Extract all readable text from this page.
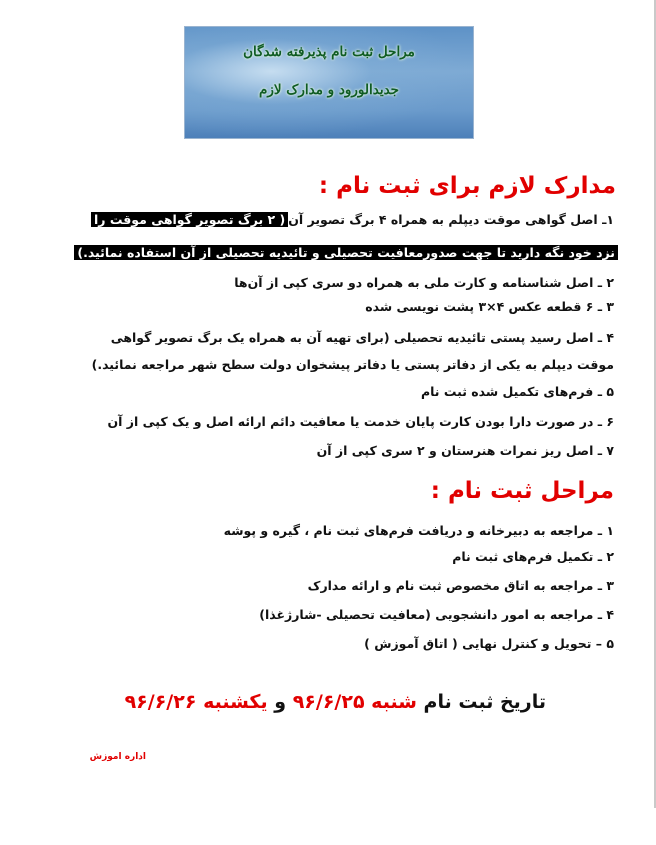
مراحل ثبت نام پذیرفته شدگان
جدیدالورود و مدارک لازم
مدارک لازم برای ثبت نام :
۱ـ اصل گواهی موقت دیپلم به همراه ۴ برگ تصویر آن( ۲ برگ تصویر گواهی موقت را
نزد خود نگه دارید تا جهت صدورمعافیت تحصیلی و تائیدیه تحصیلی از آن استفاده نمائید.)
۲ ـ اصل شناسنامه و کارت ملی به همراه دو سری کپی از آن‌ها
۳ ـ ۶ قطعه عکس ۴×۳ پشت نویسی شده
۴ ـ اصل رسید پستی تائیدیه تحصیلی (برای تهیه آن به همراه یک برگ تصویر گواهی
موقت دیپلم به یکی از دفاتر پستی یا دفاتر پیشخوان دولت سطح شهر مراجعه نمائید.)
۵ ـ فرم‌های تکمیل شده ثبت نام
۶ ـ در صورت دارا بودن کارت پایان خدمت یا معافیت دائم ارائه اصل و یک کپی از آن
۷ ـ اصل ریز نمرات هنرستان و ۲ سری کپی از آن
مراحل ثبت نام :
۱ ـ مراجعه به دبیرخانه و دریافت فرم‌های ثبت نام ، گیره و پوشه
۲ ـ تکمیل فرم‌های ثبت نام
۳ ـ مراجعه به اتاق مخصوص ثبت نام و ارائه مدارک
۴ ـ مراجعه به امور دانشجویی (معافیت تحصیلی -شارژغذا)
۵ – تحویل و کنترل نهایی ( اتاق آموزش )
تاریخ ثبت نام شنبه ۹۶/۶/۲۵ و یکشنبه ۹۶/۶/۲۶
اداره اموزش
